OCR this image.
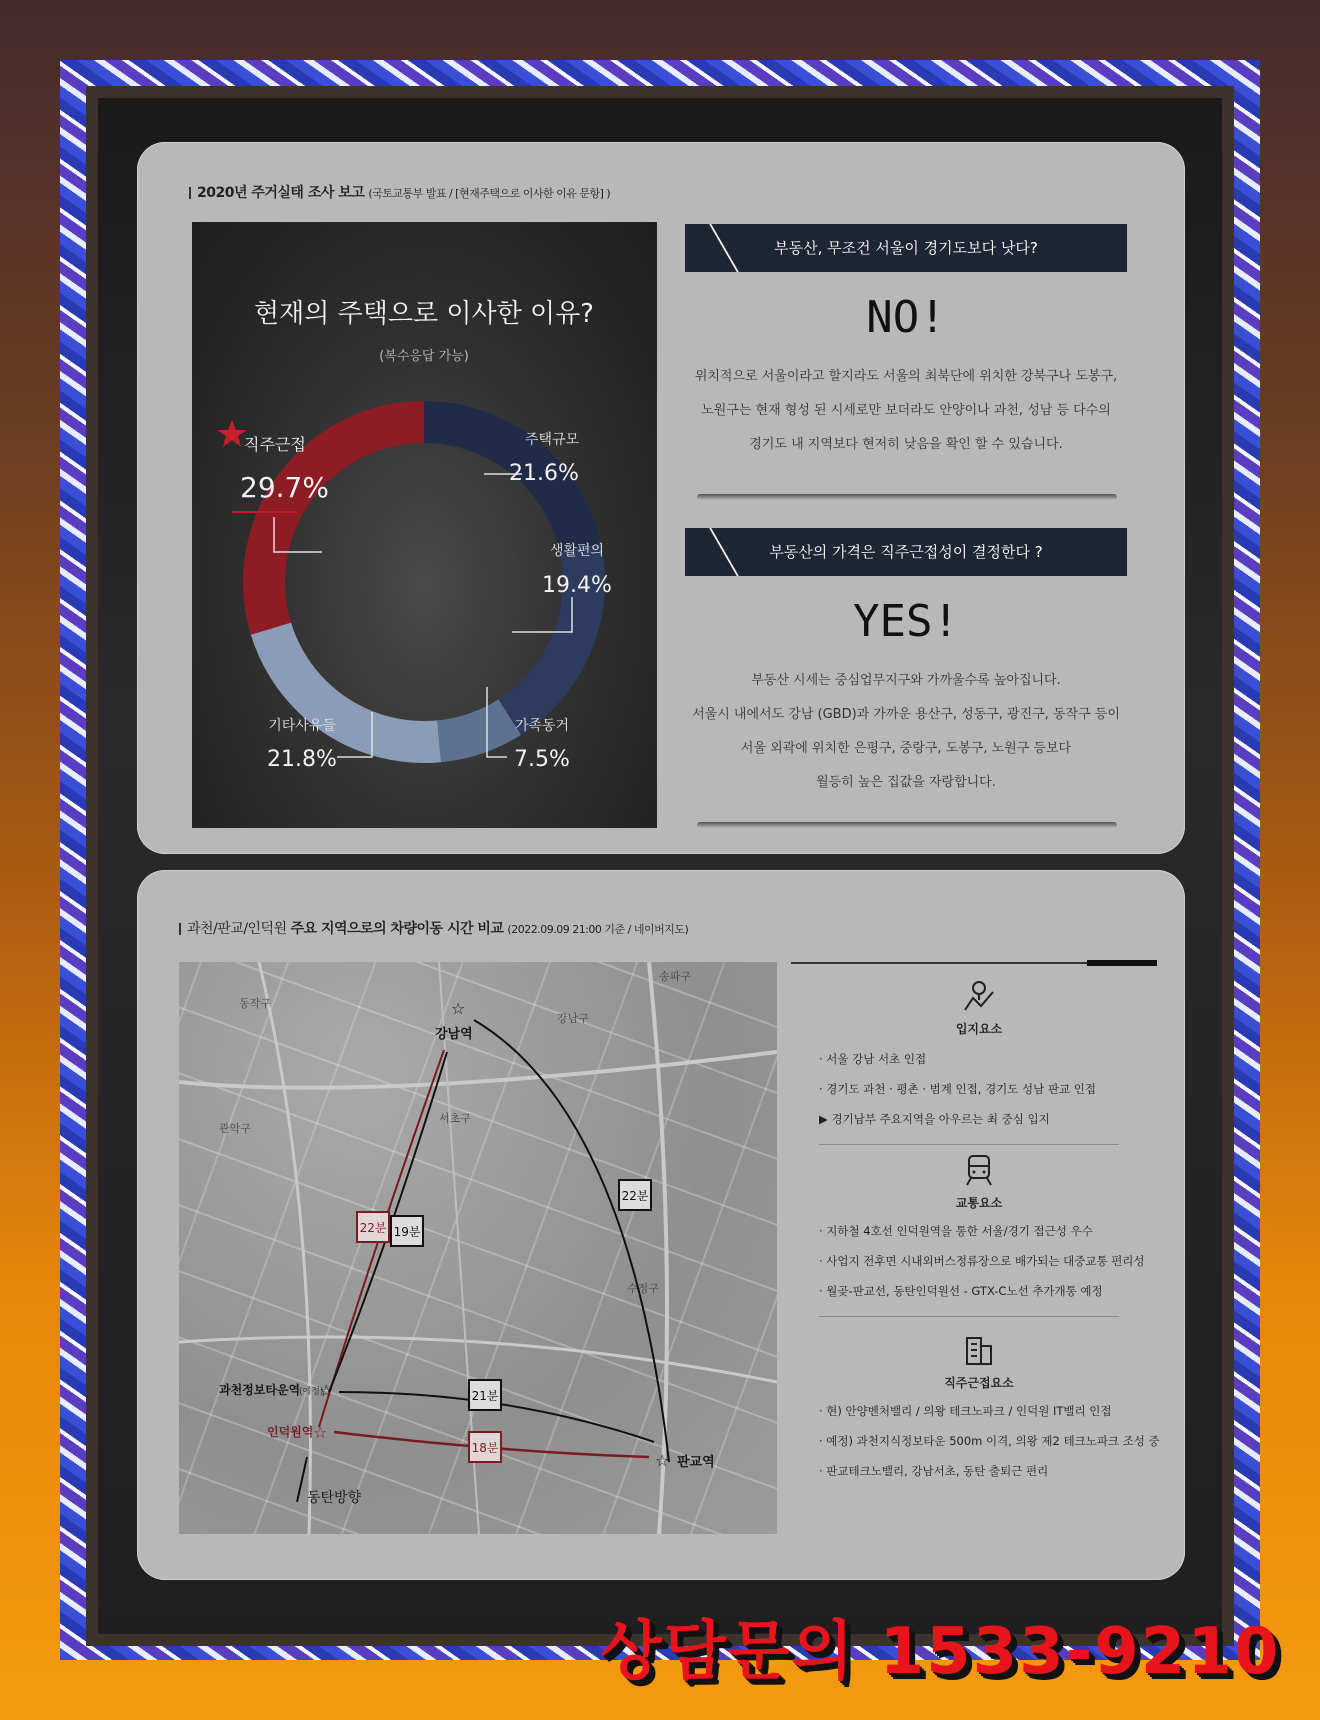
2020년 주거실태 조사 보고 (국토교통부 발표 / [현재주택으로 이사한 이유 문항] )
현재의 주택으로 이사한 이유?
(복수응답 가능)
직주근접
29.7%
주택규모
21.6%
생활편의
19.4%
가족동거
7.5%
기타사유들
21.8%
부동산, 무조건 서울이 경기도보다 낫다?
NO!
위치적으로 서울이라고 할지라도 서울의 최북단에 위치한 강북구나 도봉구,
노원구는 현재 형성 된 시세로만 보더라도 안양이나 과천, 성남 등 다수의
경기도 내 지역보다 현저히 낮음을 확인 할 수 있습니다.
부동산의 가격은 직주근접성이 결정한다 ?
YES!
부동산 시세는 중심업무지구와 가까울수록 높아집니다.
서울시 내에서도 강남 (GBD)과 가까운 용산구, 성동구, 광진구, 동작구 등이
서울 외곽에 위치한 은평구, 중랑구, 도봉구, 노원구 등보다
월등히 높은 집값을 자랑합니다.
과천/판교/인덕원 주요 지역으로의 차량이동 시간 비교 (2022.09.09 21:00 기준 / 네이버지도)
동작구
서초구
강남구
송파구
관악구
수정구
22분 19분
22분
21분
18분
☆
강남역
☆
과천정보타운역
(예정)
☆
인덕원역
☆ 판교역
동탄방향
입지요소
· 서울 강남 서초 인접
· 경기도 과천 · 평촌 · 범계 인접, 경기도 성남 판교 인접
▶ 경기남부 주요지역을 아우르는 최 중심 입지
교통요소
· 지하철 4호선 인덕원역을 통한 서울/경기 접근성 우수
· 사업지 전후면 시내외버스정류장으로 배가되는 대중교통 편리성
· 월곶-판교선, 동탄인덕원선 - GTX-C노선 추가개통 예정
직주근접요소
· 현) 안양벤처밸리 / 의왕 테크노파크 / 인덕원 IT밸리 인접
· 예정) 과천지식정보타운 500m 이격, 의왕 제2 테크노파크 조성 중
· 판교테크노밸리, 강남서초, 동탄 출퇴근 편리
상담문의 1533-9210
